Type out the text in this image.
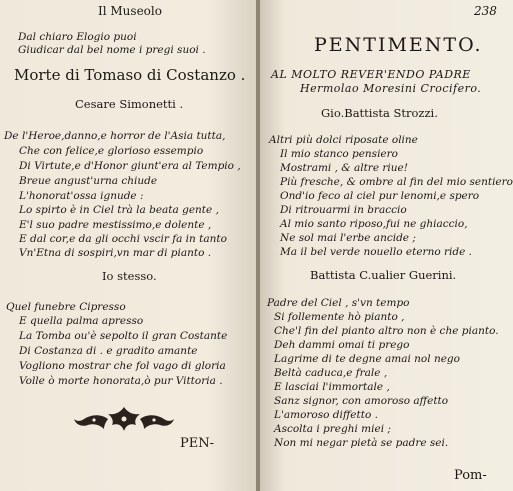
Il Museolo
Dal chiaro Elogio puoi
Giudicar dal bel nome i pregi suoi .
Morte di Tomaso di Costanzo .
Cesare Simonetti .
De l'Heroe,danno,e horror de l'Asia tutta,
Che con felice,e glorioso essempio
Di Virtute,e d'Honor giunt'era al Tempio ,
Breue angust'urna chiude
L'honorat'ossa ignude :
Lo spirto è in Ciel trà la beata gente ,
E'l suo padre mestissimo,e dolente ,
E dal cor,e da gli occhi vscir fa in tanto
Vn'Etna di sospiri,vn mar di pianto .
Io stesso.
Quel funebre Cipresso
E quella palma apresso
La Tomba ou'è sepolto il gran Costante
Di Costanza di . e gradito amante
Vogliono mostrar che fol vago di gloria
Volle ò morte honorata,ò pur Vittoria .
PEN-
238
PENTIMENTO.
AL MOLTO REVER'ENDO PADRE
Hermolao Moresini Crocifero.
Gio.Battista Strozzi.
Altri più dolci riposate oline
Il mio stanco pensiero
Mostrami , & altre riue!
Più fresche, & ombre al fin del mio sentiero
Ond'io feco al ciel pur lenomi,e spero
Di ritrouarmi in braccio
Al mio santo riposo,fui ne ghiaccio,
Ne sol mai l'erbe ancide ;
Ma il bel verde nouello eterno ride .
Battista C.ualier Guerini.
Padre del Ciel , s'vn tempo
Si follemente hò pianto ,
Che'l fin del pianto altro non è che pianto.
Deh dammi omai ti prego
Lagrime di te degne amai nol nego
Beltà caduca,e frale ,
E lasciai l'immortale ,
Sanz signor, con amoroso affetto
L'amoroso diffetto .
Ascolta i preghi miei ;
Non mi negar pietà se padre sei.
Pom-
